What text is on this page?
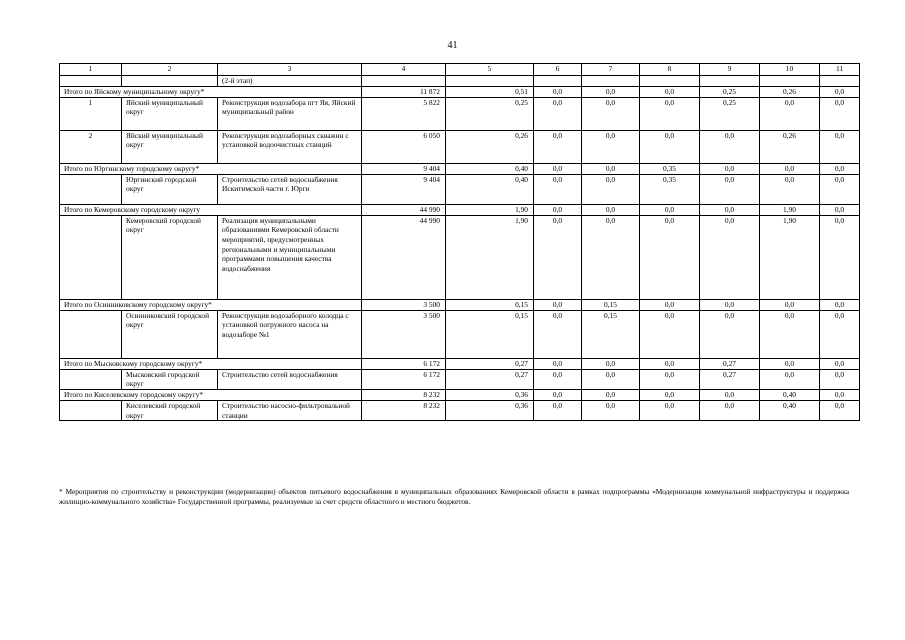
41
1	2	3	4	5	6	7	8	9	10	11
		(2-й этап)								
Итого по Яйскому муниципальному округу*			11 872	0,51	0,0	0,0	0,0	0,25	0,26	0,0
1	Яйский муниципальный округ	Реконструкция водозабора пгт Яя, Яйский муниципальный район	5 822	0,25	0,0	0,0	0,0	0,25	0,0	0,0
2	Яйский муниципальный округ	Реконструкция водозаборных скважин с установкой водоочистных станций	6 050	0,26	0,0	0,0	0,0	0,0	0,26	0,0
Итого по Юргинскому городскому округу*			9 404	0,40	0,0	0,0	0,35	0,0	0,0	0,0
	Юргинский городской округ	Строительство сетей водоснабжения Искитимской части г. Юрги	9 404	0,40	0,0	0,0	0,35	0,0	0,0	0,0
Итого по Кемеровскому городскому округу			44 990	1,90	0,0	0,0	0,0	0,0	1,90	0,0
	Кемеровский городской округ	Реализация муниципальными образованиями Кемеровской области мероприятий, предусмотренных региональными и муниципальными программами повышения качества водоснабжения	44 990	1,90	0,0	0,0	0,0	0,0	1,90	0,0
Итого по Осинниковскому городскому округу*			3 500	0,15	0,0	0,15	0,0	0,0	0,0	0,0
	Осинниковский городской округ	Реконструкция водозаборного колодца с установкой погружного насоса на водозаборе №1	3 500	0,15	0,0	0,15	0,0	0,0	0,0	0,0
Итого по Мысковскому городскому округу*			6 172	0,27	0,0	0,0	0,0	0,27	0,0	0,0
	Мысковский городской округ	Строительство сетей водоснабжения	6 172	0,27	0,0	0,0	0,0	0,27	0,0	0,0
Итого по Киселевскому городскому округу*			8 232	0,36	0,0	0,0	0,0	0,0	0,40	0,0
	Киселевский городской округ	Строительство насосно-фильтровальной станции	8 232	0,36	0,0	0,0	0,0	0,0	0,40	0,0
* Мероприятия по строительству и реконструкции (модернизации) объектов питьевого водоснабжения в муниципальных образованиях Кемеровской области в рамках подпрограммы «Модернизация коммунальной инфраструктуры и поддержка жилищно-коммунального хозяйства» Государственной программы, реализуемые за счет средств областного и местного бюджетов.
